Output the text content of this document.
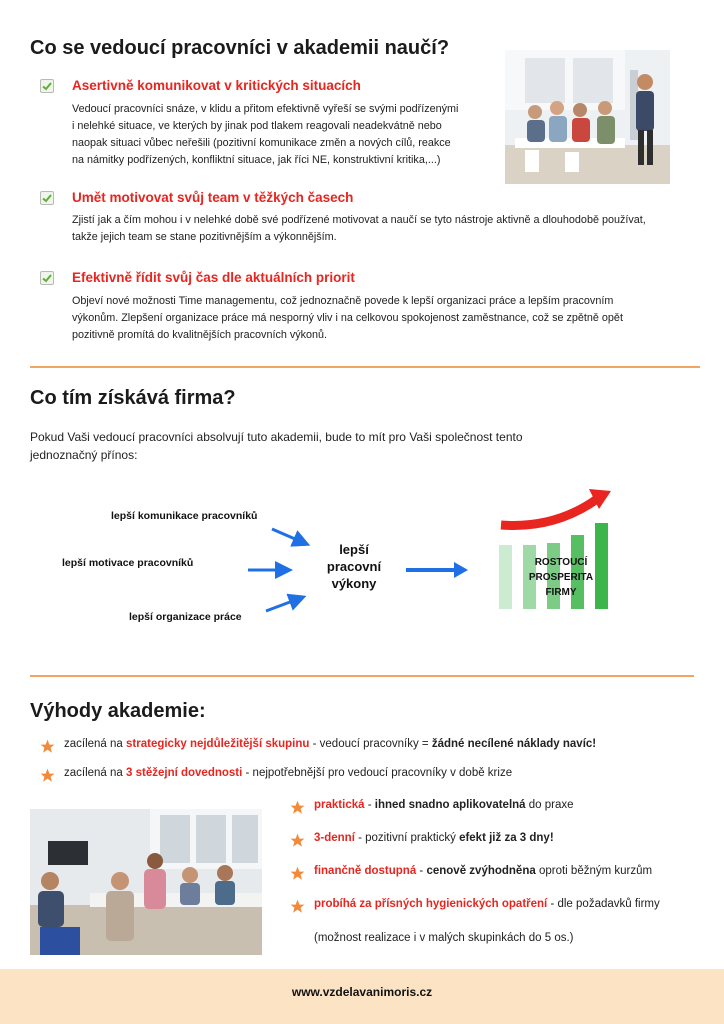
Co se vedoucí pracovníci v akademii naučí?
Asertivně komunikovat v kritických situacích
Vedoucí pracovníci snáze, v klidu a přitom efektivně vyřeší se svými podřízenými
i nelehké situace, ve kterých by jinak pod tlakem reagovali neadekvátně nebo
naopak situaci vůbec neřešili (pozitivní komunikace změn a nových cílů, reakce
na námitky podřízených, konfliktní situace, jak říci NE, konstruktivní kritika,...)
Umět motivovat svůj team v těžkých časech
Zjistí jak a čím mohou i v nelehké době své podřízené motivovat a naučí se tyto nástroje aktivně a dlouhodobě používat,
takže jejich team se stane pozitivnějším a výkonnějším.
Efektivně řídit svůj čas dle aktuálních priorit
Objeví nové možnosti Time managementu, což jednoznačně povede k lepší organizaci práce a lepším pracovním
výkonům. Zlepšení organizace práce má nesporný vliv i na celkovou spokojenost zaměstnance, což se zpětně opět
pozitivně promítá do kvalitnějších pracovních výkonů.
Co tím získává firma?
Pokud Vaši vedoucí pracovníci absolvují tuto akademii, bude to mít pro Vaši společnost tento
jednoznačný přínos:
lepší komunikace pracovníků
lepší motivace pracovníků
lepší organizace práce
lepší
pracovní
výkony
ROSTOUCÍ
PROSPERITA
FIRMY
Výhody akademie:
zacílená na strategicky nejdůležitější skupinu - vedoucí pracovníky = žádné necílené náklady navíc!
zacílená na 3 stěžejní dovednosti - nejpotřebnější pro vedoucí pracovníky v době krize
praktická - ihned snadno aplikovatelná do praxe
3-denní - pozitivní praktický efekt již za 3 dny!
finančně dostupná - cenově zvýhodněna oproti běžným kurzům
probíhá za přísných hygienických opatření - dle požadavků firmy
(možnost realizace i v malých skupinkách do 5 os.)
www.vzdelavanimoris.cz
